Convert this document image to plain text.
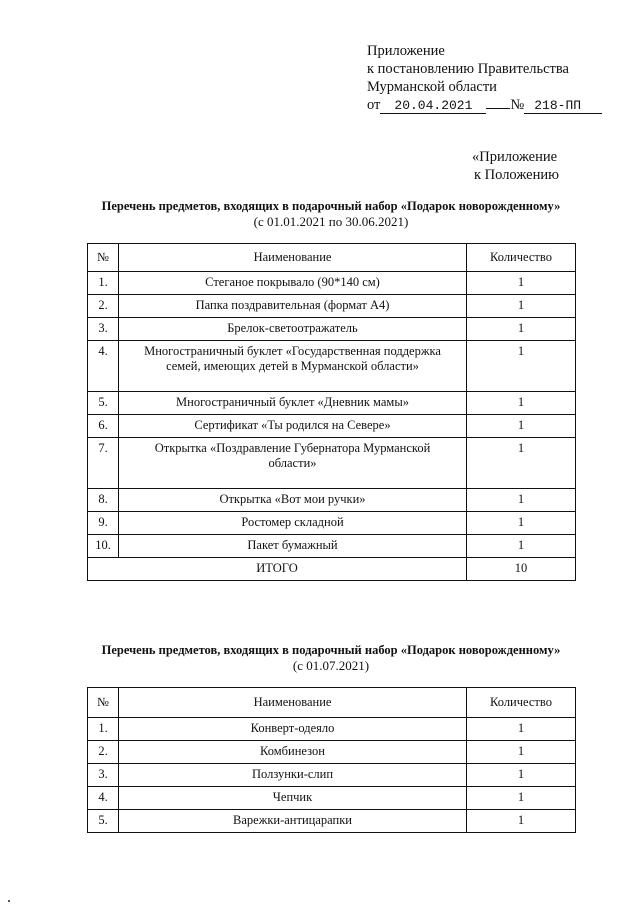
Приложение
к постановлению Правительства
Мурманской области
от 20.04.2021	№ 218-ПП
«Приложение
к Положению
Перечень предметов, входящих в подарочный набор «Подарок новорожденному»
(с 01.01.2021 по 30.06.2021)
№	Наименование	Количество
1.	Стеганое покрывало (90*140 см)	1
2.	Папка поздравительная (формат А4)	1
3.	Брелок-светоотражатель	1
4.	Многостраничный буклет «Государственная поддержка
семей, имеющих детей в Мурманской области»	1
5.	Многостраничный буклет «Дневник мамы»	1
6.	Сертификат «Ты родился на Севере»	1
7.	Открытка «Поздравление Губернатора Мурманской
области»	1
8.	Открытка «Вот мои ручки»	1
9.	Ростомер складной	1
10.	Пакет бумажный	1
ИТОГО		10
Перечень предметов, входящих в подарочный набор «Подарок новорожденному»
(с 01.07.2021)
№	Наименование	Количество
1.	Конверт-одеяло	1
2.	Комбинезон	1
3.	Ползунки-слип	1
4.	Чепчик	1
5.	Варежки-антицарапки	1
